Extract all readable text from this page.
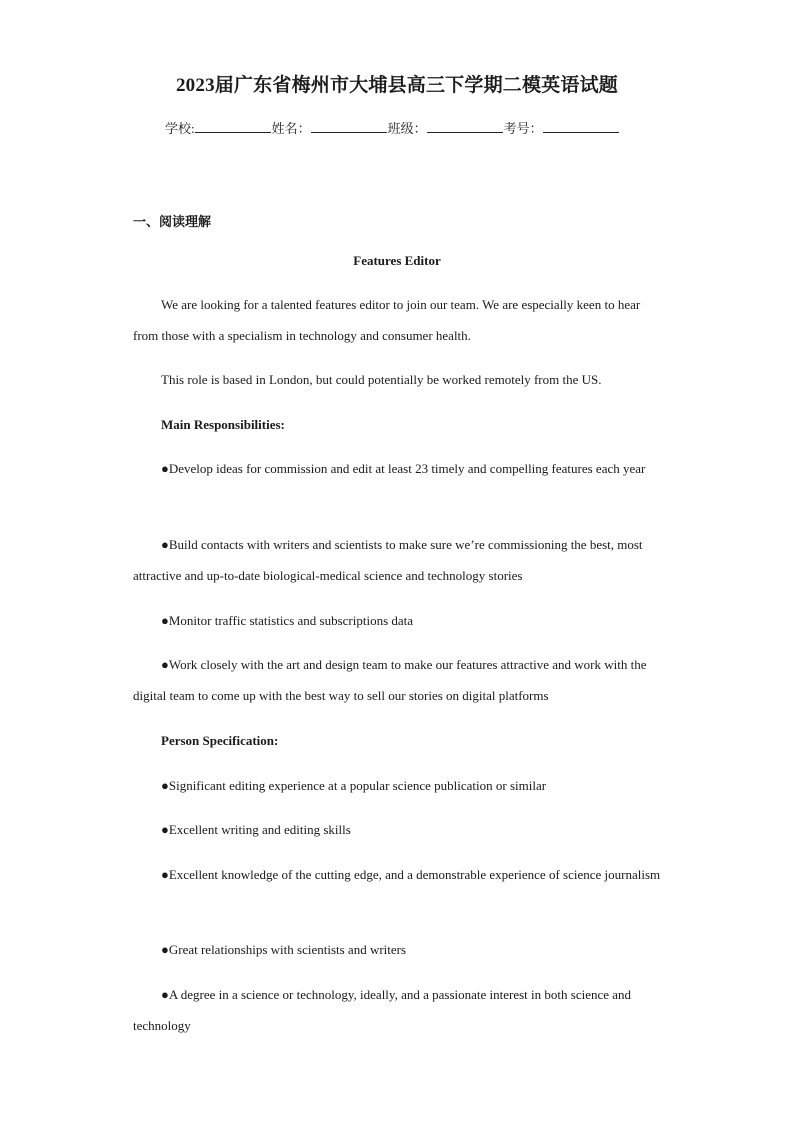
2023届广东省梅州市大埔县高三下学期二模英语试题
学校:	姓名：	班级：	考号：
一、阅读理解
Features Editor
We are looking for a talented features editor to join our team. We are especially keen to hear from those with a specialism in technology and consumer health.
This role is based in London, but could potentially be worked remotely from the US.
Main Responsibilities:
●Develop ideas for commission and edit at least 23 timely and compelling features each year
●Build contacts with writers and scientists to make sure we’re commissioning the best, most attractive and up-to-date biological-medical science and technology stories
●Monitor traffic statistics and subscriptions data
●Work closely with the art and design team to make our features attractive and work with the digital team to come up with the best way to sell our stories on digital platforms
Person Specification:
●Significant editing experience at a popular science publication or similar
●Excellent writing and editing skills
●Excellent knowledge of the cutting edge, and a demonstrable experience of science journalism
●Great relationships with scientists and writers
●A degree in a science or technology, ideally, and a passionate interest in both science and technology
